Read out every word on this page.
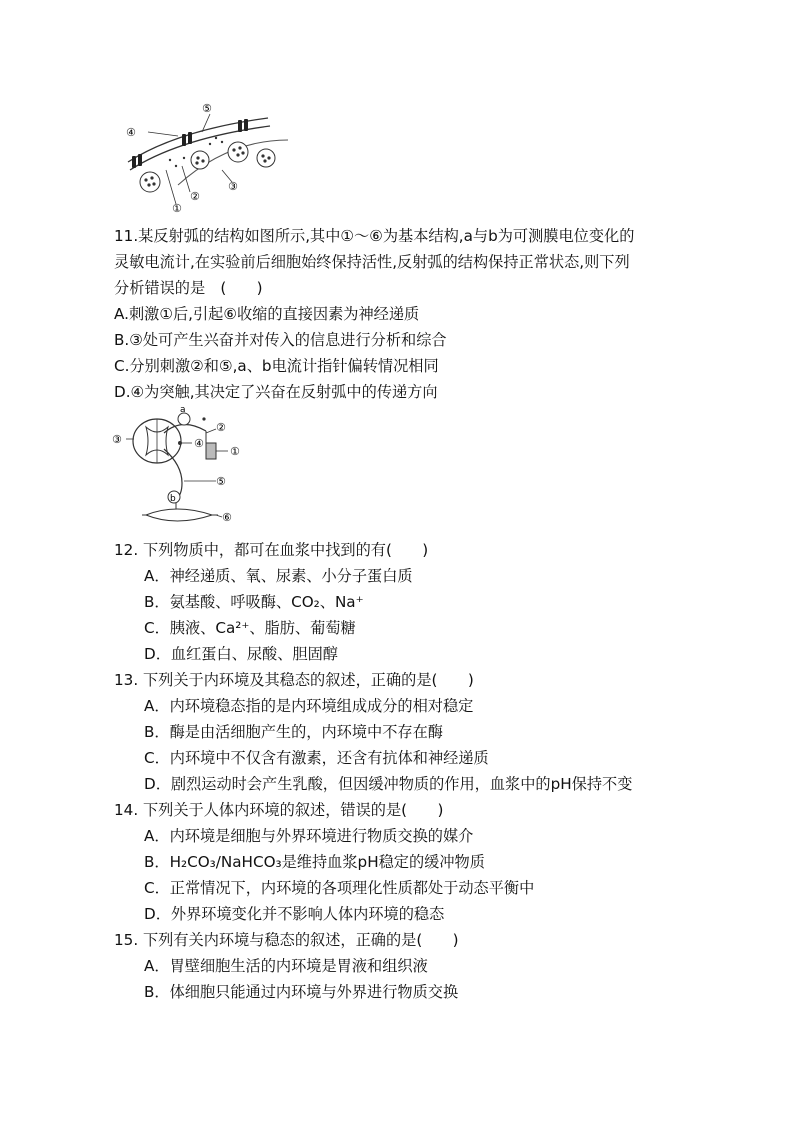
④
⑤
②
①
③
11.某反射弧的结构如图所示,其中①～⑥为基本结构,a与b为可测膜电位变化的
灵敏电流计,在实验前后细胞始终保持活性,反射弧的结构保持正常状态,则下列
分析错误的是　(　　)
A.刺激①后,引起⑥收缩的直接因素为神经递质
B.③处可产生兴奋并对传入的信息进行分析和综合
C.分别刺激②和⑤,a、b电流计指针偏转情况相同
D.④为突触,其决定了兴奋在反射弧中的传递方向
a
b
②
③	④
①
⑤
⑥
12. 下列物质中，都可在血浆中找到的有(　　)
A．神经递质、氧、尿素、小分子蛋白质
B．氨基酸、呼吸酶、CO₂、Na⁺
C．胰液、Ca²⁺、脂肪、葡萄糖
D．血红蛋白、尿酸、胆固醇
13. 下列关于内环境及其稳态的叙述，正确的是(　　)
A．内环境稳态指的是内环境组成成分的相对稳定
B．酶是由活细胞产生的，内环境中不存在酶
C．内环境中不仅含有激素，还含有抗体和神经递质
D．剧烈运动时会产生乳酸，但因缓冲物质的作用，血浆中的pH保持不变
14. 下列关于人体内环境的叙述，错误的是(　　)
A．内环境是细胞与外界环境进行物质交换的媒介
B．H₂CO₃/NaHCO₃是维持血浆pH稳定的缓冲物质
C．正常情况下，内环境的各项理化性质都处于动态平衡中
D．外界环境变化并不影响人体内环境的稳态
15. 下列有关内环境与稳态的叙述，正确的是(　　)
A．胃壁细胞生活的内环境是胃液和组织液
B．体细胞只能通过内环境与外界进行物质交换
